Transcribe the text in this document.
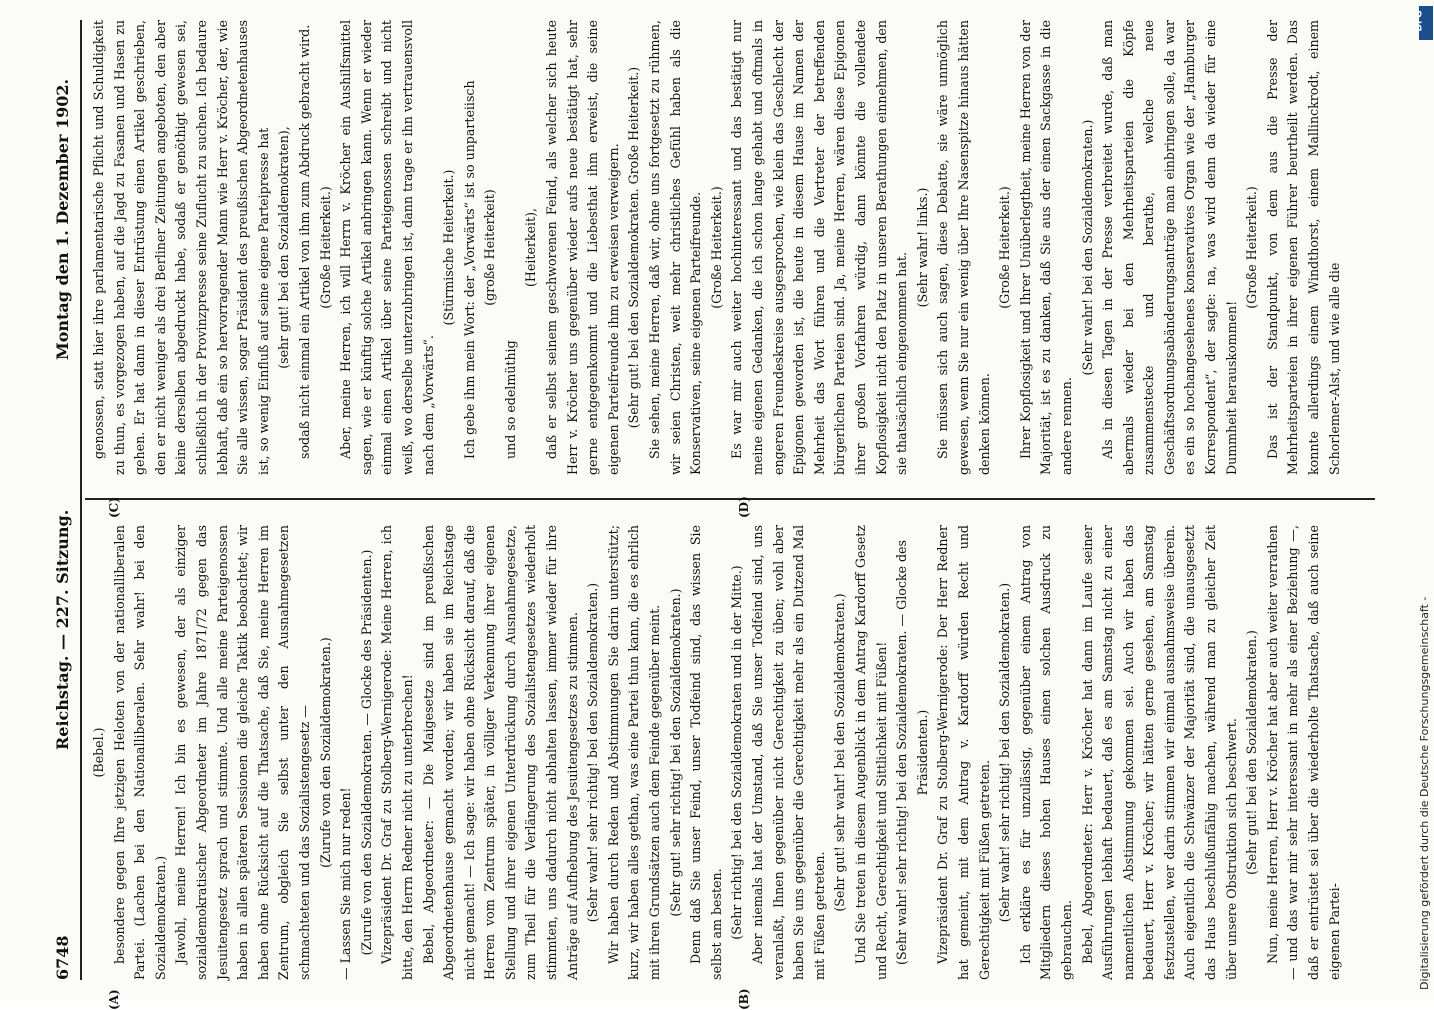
6748
Reichstag. — 227. Sitzung.
Montag den 1. Dezember 1902.

(Bebel.) besondere gegen Ihre jetzigen Heloten von der nationalliberalen Partei. (Lachen bei den Nationalliberalen. Sehr wahr! bei den Sozialdemokraten.) Jawohl, meine Herren! Ich bin es gewesen, der als einziger sozialdemokratischer Abgeordneter im Jahre 1871/72 gegen das Jesuitengesetz sprach und stimmte. Und alle meine Parteigenossen haben in allen späteren Sessionen die gleiche Taktik beobachtet; wir haben ohne Rücksicht auf die Thatsache, daß Sie, meine Herren im Zentrum, obgleich Sie selbst unter den Ausnahmegesetzen schmachteten und das Sozialistengesetz — (Zurufe von den Sozialdemokraten.)

— Lassen Sie mich nur reden! (Zurufe von den Sozialdemokraten. — Glocke des Präsidenten.) Vizepräsident Dr. Graf zu Stolberg-Wernigerode: Meine Herren, ich bitte, den Herrn Redner nicht zu unterbrechen! Bebel, Abgeordneter: — Die Maigesetze sind im preußischen Abgeordnetenhause gemacht worden; wir haben sie im Reichstage nicht gemacht! — Ich sage: wir haben ohne Rücksicht darauf, daß die Herren vom Zentrum später, in völliger Verkennung ihrer eigenen Stellung und ihrer eigenen Unterdrückung durch Ausnahmegesetze, zum Theil für die Verlängerung des Sozialistengesetzes wiederholt stimmten, uns dadurch nicht abhalten lassen, immer wieder für ihre Anträge auf Aufhebung des Jesuitengesetzes zu stimmen. (Sehr wahr! sehr richtig! bei den Sozialdemokraten.) Wir haben durch Reden und Abstimmungen Sie darin unterstützt; kurz, wir haben alles gethan, was eine Partei thun kann, die es ehrlich mit ihren Grundsätzen auch dem Feinde gegenüber meint. (Sehr gut! sehr richtig! bei den Sozialdemokraten.) Denn daß Sie unser Feind, unser Todfeind sind, das wissen Sie selbst am besten. (Sehr richtig! bei den Sozialdemokraten und in der Mitte.) Aber niemals hat der Umstand, daß Sie unser Todfeind sind, uns veranlaßt, Ihnen gegenüber nicht Gerechtigkeit zu üben; wohl aber haben Sie uns gegenüber die Gerechtigkeit mehr als ein Dutzend Mal mit Füßen getreten.

(Sehr gut! sehr wahr! bei den Sozialdemokraten.) Und Sie treten in diesem Augenblick in dem Antrag Kardorff Gesetz und Recht, Gerechtigkeit und Sittlichkeit mit Füßen! (Sehr wahr! sehr richtig! bei den Sozialdemokraten. — Glocke des Präsidenten.) Vizepräsident Dr. Graf zu Stolberg-Wernigerode: Der Herr Redner hat gemeint, mit dem Antrag v. Kardorff würden Recht und Gerechtigkeit mit Füßen getreten. (Sehr wahr! sehr richtig! bei den Sozialdemokraten.) Ich erkläre es für unzulässig, gegenüber einem Antrag von Mitgliedern dieses hohen Hauses einen solchen Ausdruck zu gebrauchen. Bebel, Abgeordneter: Herr v. Kröcher hat dann im Laufe seiner Ausführungen lebhaft bedauert, daß es am Samstag nicht zu einer namentlichen Abstimmung gekommen sei. Auch wir haben das bedauert, Herr v. Kröcher; wir hätten gerne gesehen, am Samstag festzustellen, wer darin stimmen wir einmal ausnahmsweise überein. Auch eigentlich die Schwänzer der Majorität sind, die unausgesetzt das Haus beschlußunfähig machen, während man zu gleicher Zeit über unsere Obstruktion sich beschwert. (Sehr gut! bei den Sozialdemokraten.) Nun, meine Herren, Herr v. Kröcher hat aber auch weiter verrathen — und das war mir sehr interessant in mehr als einer Beziehung —, daß er entrüstet sei über die wiederholte Thatsache, daß auch seine eigenen Partei-

genossen, statt hier ihre parlamentarische Pflicht und Schuldigkeit zu thun, es vorgezogen haben, auf die Jagd zu Fasanen und Hasen zu gehen. Er hat dann in dieser Entrüstung einen Artikel geschrieben, den er nicht weniger als drei Berliner Zeitungen angeboten, den aber keine derselben abgedruckt habe, sodaß er genöthigt gewesen sei, schließlich in der Provinzpresse seine Zuflucht zu suchen. Ich bedaure lebhaft, daß ein so hervorragender Mann wie Herr v. Kröcher, der, wie Sie alle wissen, sogar Präsident des preußischen Abgeordnetenhauses ist, so wenig Einfluß auf seine eigene Parteipresse hat (sehr gut! bei den Sozialdemokraten), sodaß nicht einmal ein Artikel von ihm zum Abdruck gebracht wird. (Große Heiterkeit.) Aber, meine Herren, ich will Herrn v. Kröcher ein Aushilfsmittel sagen, wie er künftig solche Artikel anbringen kann. Wenn er wieder einmal einen Artikel über seine Parteigenossen schreibt und nicht weiß, wo derselbe unterzubringen ist, dann trage er ihn vertrauensvoll nach dem „Vorwärts“.

(Stürmische Heiterkeit.) Ich gebe ihm mein Wort: der „Vorwärts“ ist so unparteiisch (große Heiterkeit)

und so edelmüthig

(Heiterkeit), daß er selbst seinem geschworenen Feind, als welcher sich heute Herr v. Kröcher uns gegenüber wieder aufs neue bestätigt hat, sehr gerne entgegenkommt und die Liebesthat ihm erweist, die seine eigenen Parteifreunde ihm zu erweisen verweigern. (Sehr gut! bei den Sozialdemokraten. Große Heiterkeit.) Sie sehen, meine Herren, daß wir, ohne uns fortgesetzt zu rühmen, wir seien Christen, weit mehr christliches Gefühl haben als die Konservativen, seine eigenen Parteifreunde. (Große Heiterkeit.) Es war mir auch weiter hochinteressant und das bestätigt nur meine eigenen Gedanken, die ich schon lange gehabt und oftmals in engeren Freundeskreise ausgesprochen, wie klein das Geschlecht der Epigonen geworden ist, die heute in diesem Hause im Namen der Mehrheit das Wort führen und die Vertreter der betreffenden bürgerlichen Parteien sind. Ja, meine Herren, wären diese Epigonen ihrer großen Vorfahren würdig, dann könnte die vollendete Kopflosigkeit nicht den Platz in unseren Berathungen einnehmen, den sie thatsächlich eingenommen hat.

(Sehr wahr! links.) Sie müssen sich auch sagen, diese Debatte, sie wäre unmöglich gewesen, wenn Sie nur ein wenig über Ihre Nasenspitze hinaus hätten denken können.

(Große Heiterkeit.) Ihrer Kopflosigkeit und Ihrer Unüberlegtheit, meine Herren von der Majorität, ist es zu danken, daß Sie aus der einen Sackgasse in die andere rennen.

(Sehr wahr! bei den Sozialdemokraten.) Als in diesen Tagen in der Presse verbreitet wurde, daß man abermals wieder bei den Mehrheitsparteien die Köpfe zusammenstecke und berathe, welche neue Geschäftsordnungsabänderungsanträge man einbringen solle, da war es ein so hochangesehenes konservatives Organ wie der „Hamburger Korrespondent“, der sagte: na, was wird denn da wieder für eine Dummheit herauskommen!

(Große Heiterkeit.) Das ist der Standpunkt, von dem aus die Presse der Mehrheitsparteien in ihrer eigenen Führer beurtheilt werden. Das konnte allerdings einem Windthorst, einem Mallinckrodt, einem Schorlemer-Alst, und wie alle die

(A)	(B)
(C)	(D)
Digitalisierung gefördert durch die Deutsche Forschungsgemeinschaft -
DFG
